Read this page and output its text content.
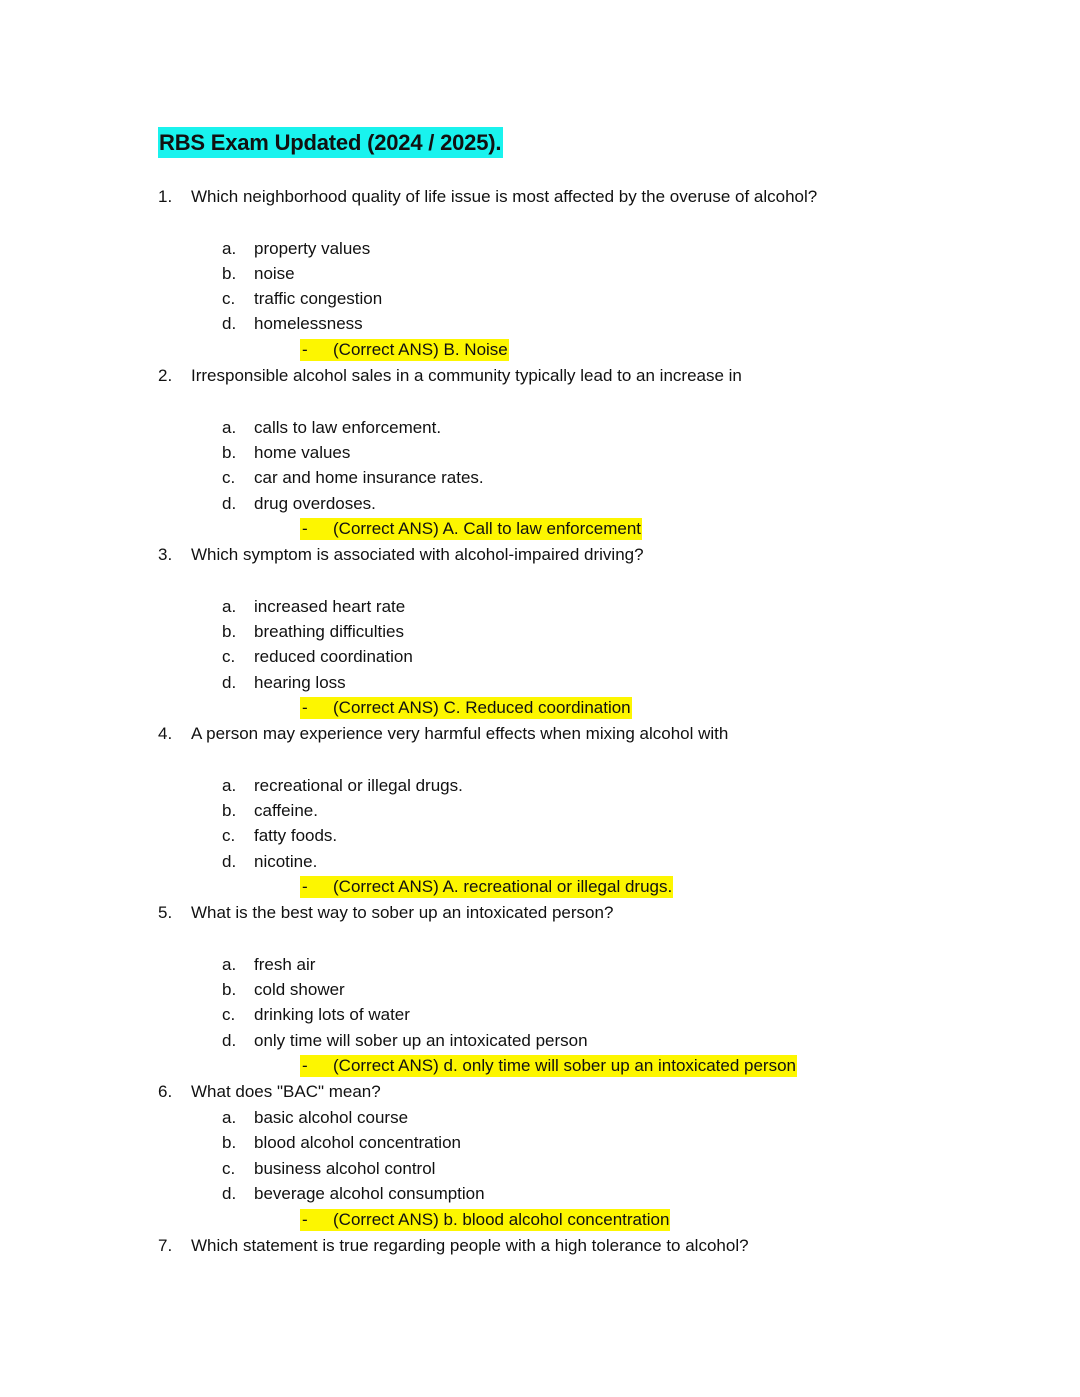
RBS Exam Updated (2024 / 2025).
1. Which neighborhood quality of life issue is most affected by the overuse of alcohol?
a. property values
b. noise
c. traffic congestion
d. homelessness
- (Correct ANS) B. Noise
2. Irresponsible alcohol sales in a community typically lead to an increase in
a. calls to law enforcement.
b. home values
c. car and home insurance rates.
d. drug overdoses.
- (Correct ANS) A. Call to law enforcement
3. Which symptom is associated with alcohol-impaired driving?
a. increased heart rate
b. breathing difficulties
c. reduced coordination
d. hearing loss
- (Correct ANS) C. Reduced coordination
4. A person may experience very harmful effects when mixing alcohol with
a. recreational or illegal drugs.
b. caffeine.
c. fatty foods.
d. nicotine.
- (Correct ANS) A. recreational or illegal drugs.
5. What is the best way to sober up an intoxicated person?
a. fresh air
b. cold shower
c. drinking lots of water
d. only time will sober up an intoxicated person
- (Correct ANS) d. only time will sober up an intoxicated person
6. What does "BAC" mean?
a. basic alcohol course
b. blood alcohol concentration
c. business alcohol control
d. beverage alcohol consumption
- (Correct ANS) b. blood alcohol concentration
7. Which statement is true regarding people with a high tolerance to alcohol?
